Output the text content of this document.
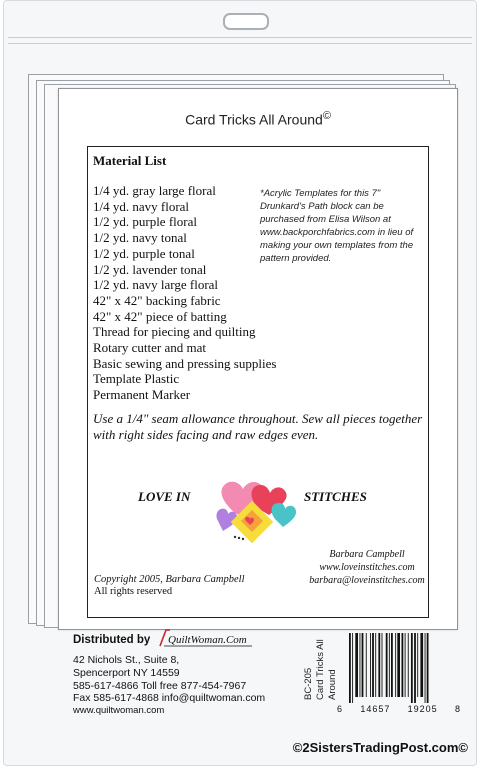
Card Tricks All Around©
Material List
1/4 yd. gray large floral
1/4 yd. navy floral
1/2 yd. purple floral
1/2 yd. navy tonal
1/2 yd. purple tonal
1/2 yd. lavender tonal
1/2 yd. navy large floral
42" x 42" backing fabric
42" x 42" piece of batting
Thread for piecing and quilting
Rotary cutter and mat
Basic sewing and pressing supplies
Template Plastic
Permanent Marker
*Acrylic Templates for this 7" Drunkard's Path block can be purchased from Elisa Wilson at www.backporchfabrics.com in lieu of making your own templates from the pattern provided.
Use a 1/4" seam allowance throughout. Sew all pieces together with right sides facing and raw edges even.
LOVE IN	STITCHES
Copyright 2005, Barbara Campbell
All rights reserved
Barbara Campbell
www.loveinstitches.com
barbara@loveinstitches.com
Distributed by QuiltWoman.Com
42 Nichols St., Suite 8,
Spencerport NY 14559
585-617-4866 Toll free 877-454-7967
Fax 585-617-4868 info@quiltwoman.com
www.quiltwoman.com
BC-205 Card Tricks All Around
6 14657 19205 8
©2SistersTradingPost.com©
